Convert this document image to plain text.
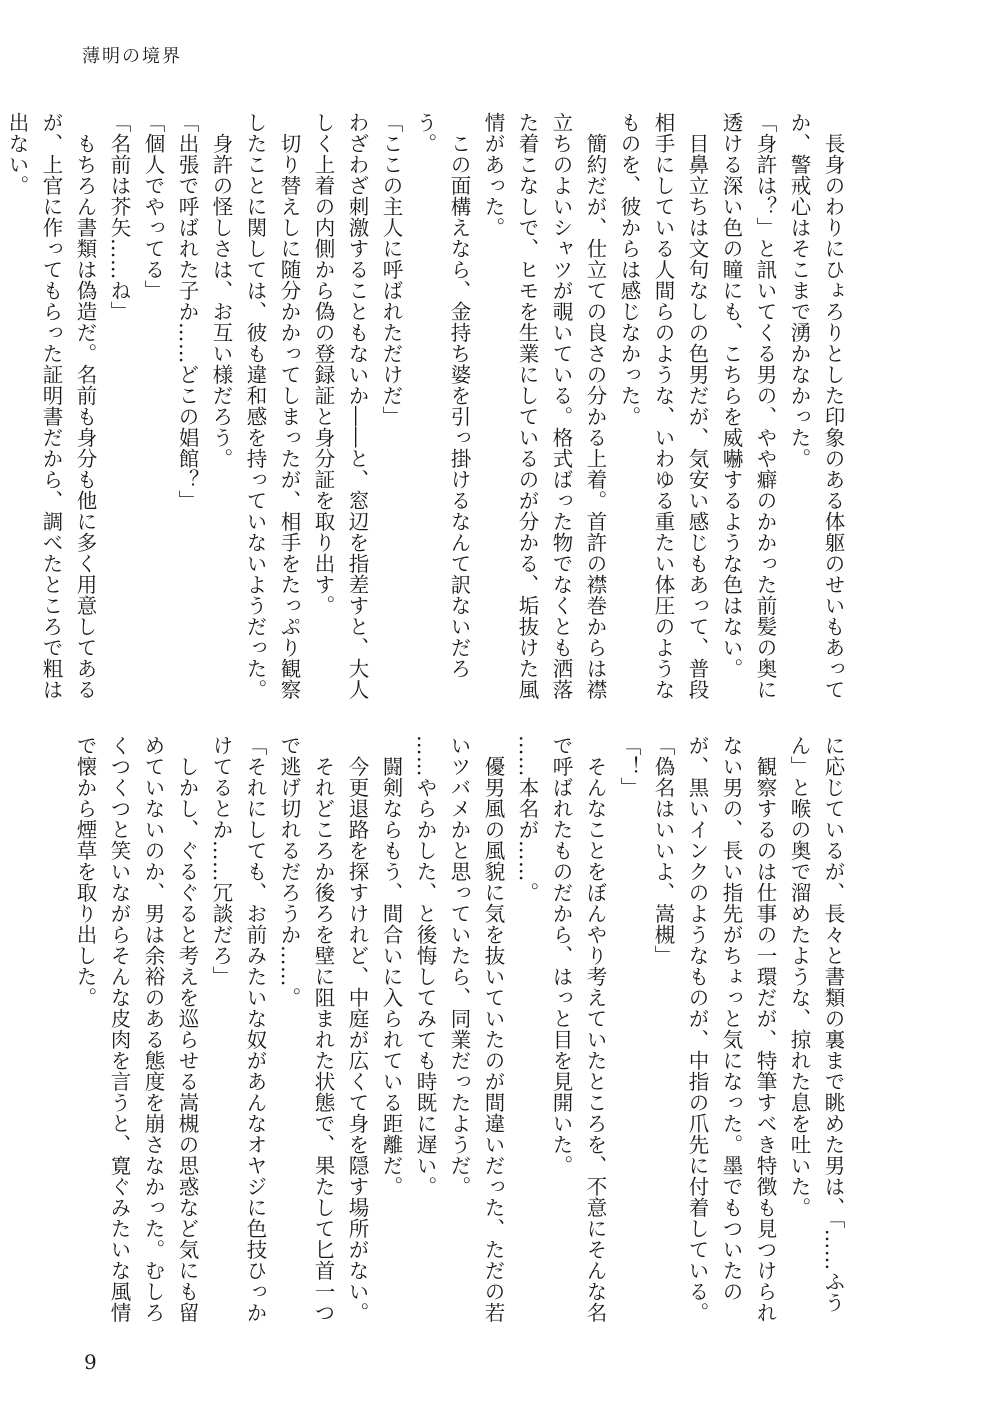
薄明の境界

長身のわりにひょろりとした印象のある体躯のせいもあってか、警戒心はそこまで湧かなかった。

「身許は？」と訊いてくる男の、やや癖のかかった前髪の奥に透ける深い色の瞳にも、こちらを威嚇するような色はない。

目鼻立ちは文句なしの色男だが、気安い感じもあって、普段相手にしている人間らのような、いわゆる重たい体圧のようなものを、彼からは感じなかった。

簡約だが、仕立ての良さの分かる上着。首許の襟巻からは襟立ちのよいシャツが覗いている。格式ばった物でなくとも洒落た着こなしで、ヒモを生業にしているのが分かる、垢抜けた風情があった。

この面構えなら、金持ち婆を引っ掛けるなんて訳ないだろう。

「ここの主人に呼ばれただけだ」

わざわざ刺激することもないか――と、窓辺を指差すと、大人しく上着の内側から偽の登録証と身分証を取り出す。

切り替えしに随分かかってしまったが、相手をたっぷり観察したことに関しては、彼も違和感を持っていないようだった。

身許の怪しさは、お互い様だろう。

「出張で呼ばれた子か……どこの娼館？」

「個人でやってる」

「名前は芥矢……ね」

もちろん書類は偽造だ。名前も身分も他に多く用意してあるが、上官に作ってもらった証明書だから、調べたところで粗は出ない。

に応じているが、長々と書類の裏まで眺めた男は、「……ふうん」と喉の奥で溜めたような、掠れた息を吐いた。

観察するのは仕事の一環だが、特筆すべき特徴も見つけられない男の、長い指先がちょっと気になった。墨でもついたのが、黒いインクのようなものが、中指の爪先に付着している。

「偽名はいいよ、嵩槻」

「！」

そんなことをぼんやり考えていたところを、不意にそんな名で呼ばれたものだから、はっと目を見開いた。

……本名が……。

優男風の風貌に気を抜いていたのが間違いだった、ただの若いツバメかと思っていたら、同業だったようだ。

……やらかした、と後悔してみても時既に遅い。

闘剣ならもう、間合いに入られている距離だ。

今更退路を探すけれど、中庭が広くて身を隠す場所がない。

それどころか後ろを壁に阻まれた状態で、果たして匕首一つで逃げ切れるだろうか……。

「それにしても、お前みたいな奴があんなオヤジに色技ひっかけてるとか……冗談だろ」

しかし、ぐるぐると考えを巡らせる嵩槻の思惑など気にも留めていないのか、男は余裕のある態度を崩さなかった。むしろくつくつと笑いながらそんな皮肉を言うと、寛ぐみたいな風情で懐から煙草を取り出した。

9
